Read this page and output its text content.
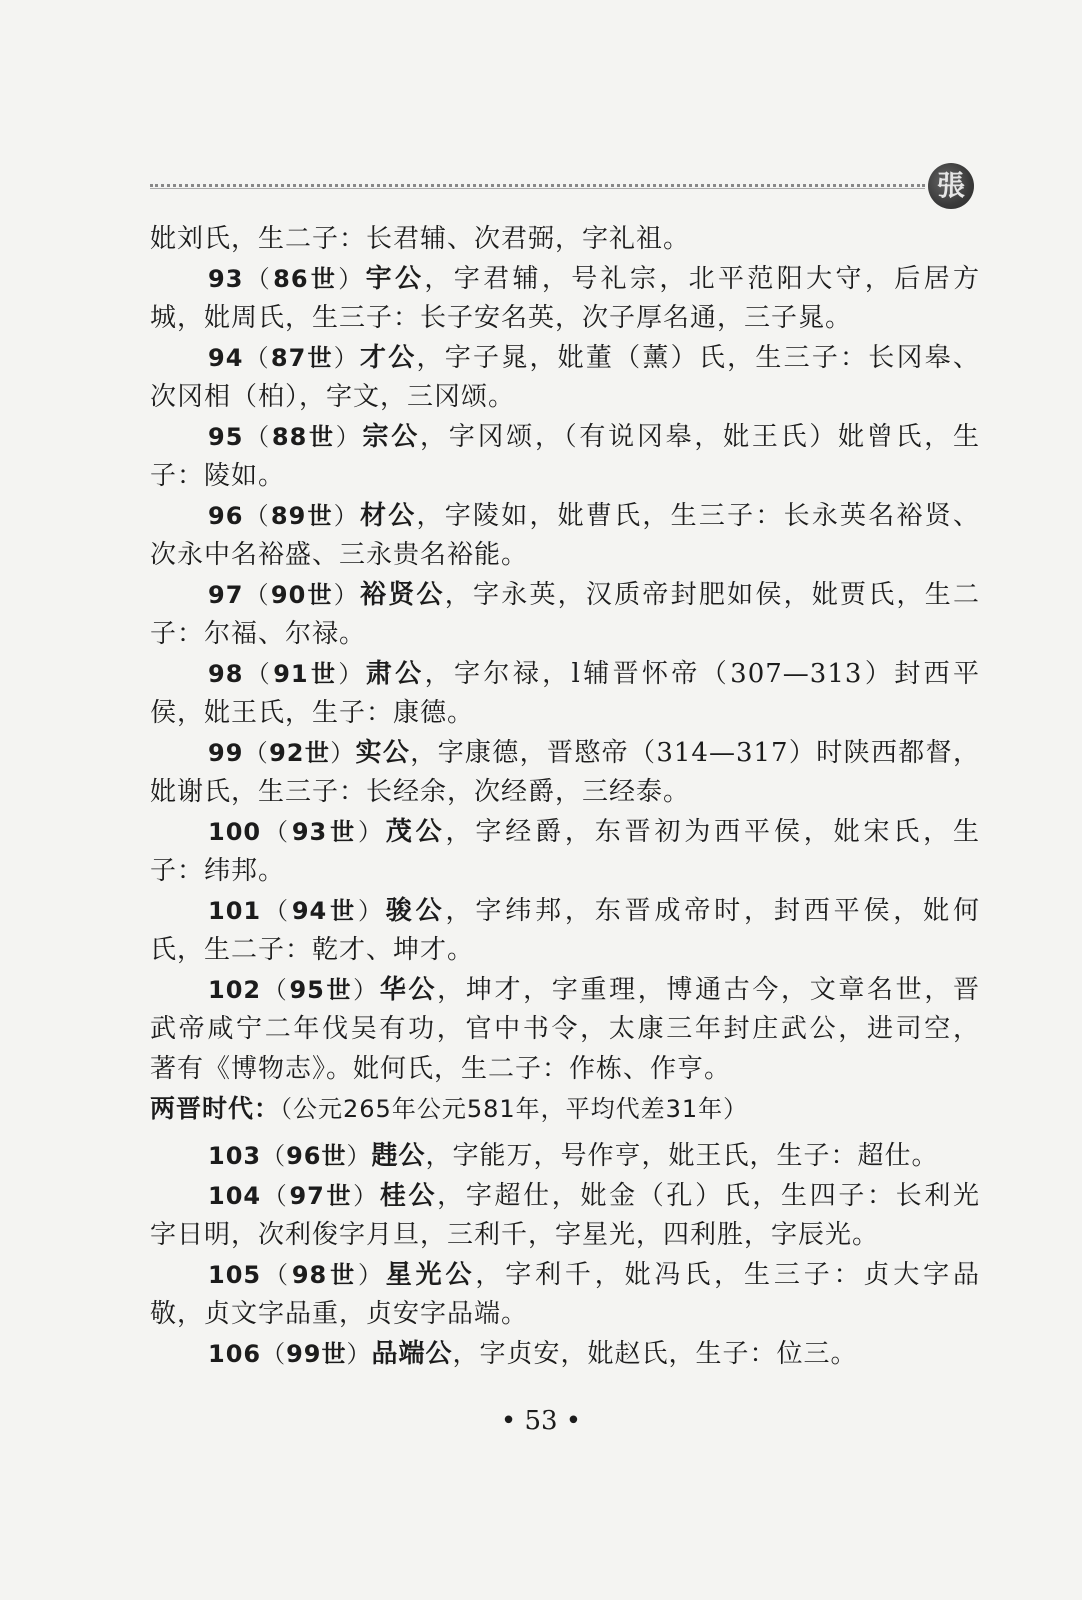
張
妣刘氏，生二子：长君辅、次君弼，字礼祖。
93（86世）宇公，字君辅，号礼宗，北平范阳大守，后居方
城，妣周氏，生三子：长子安名英，次子厚名通，三子晁。
94（87世）才公，字子晁，妣董（薰）氏，生三子：长冈皋、
次冈相（柏），字文，三冈颂。
95（88世）宗公，字冈颂，（有说冈皋，妣王氏）妣曾氏，生
子：陵如。
96（89世）材公，字陵如，妣曹氏，生三子：长永英名裕贤、
次永中名裕盛、三永贵名裕能。
97（90世）裕贤公，字永英，汉质帝封肥如侯，妣贾氏，生二
子：尔福、尔禄。
98（91世）肃公，字尔禄，l辅晋怀帝（307—313）封西平
侯，妣王氏，生子：康德。
99（92世）实公，字康德，晋愍帝（314—317）时陕西都督，
妣谢氏，生三子：长经余，次经爵，三经泰。
100（93世）茂公，字经爵，东晋初为西平侯，妣宋氏，生
子：纬邦。
101（94世）骏公，字纬邦，东晋成帝时，封西平侯，妣何
氏，生二子：乾才、坤才。
102（95世）华公，坤才，字重理，博通古今，文章名世，晋
武帝咸宁二年伐吴有功，官中书令，太康三年封庄武公，进司空，
著有《博物志》。妣何氏，生二子：作栋、作亨。
两晋时代：（公元265年公元581年，平均代差31年）
103（96世）韪公，字能万，号作亨，妣王氏，生子：超仕。
104（97世）桂公，字超仕，妣金（孔）氏，生四子：长利光
字日明，次利俊字月旦，三利千，字星光，四利胜，字辰光。
105（98世）星光公，字利千，妣冯氏，生三子：贞大字品
敬，贞文字品重，贞安字品端。
106（99世）品端公，字贞安，妣赵氏，生子：位三。
• 53 •
